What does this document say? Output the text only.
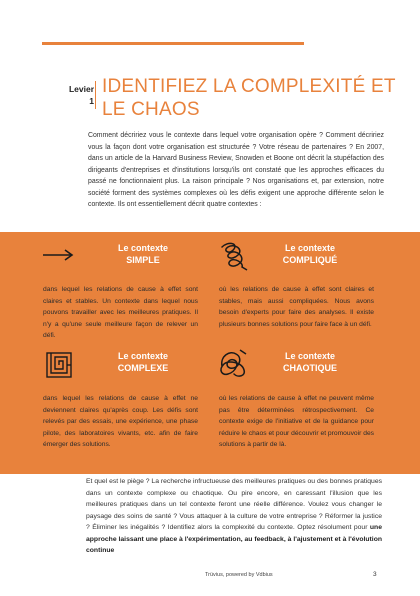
Levier
1
IDENTIFIEZ LA COMPLEXITÉ ET LE CHAOS
Comment décririez vous le contexte dans lequel votre organisation opère ? Comment décririez vous la façon dont votre organisation est structurée ? Votre réseau de partenaires ? En 2007, dans un article de la Harvard Business Review, Snowden et Boone ont décrit la stupéfaction des dirigeants d'entreprises et d'institutions lorsqu'ils ont constaté que les approches efficaces du passé ne fonctionnaient plus. La raison principale ? Nos organisations et, par extension, notre société forment des systèmes complexes où les défis exigent une approche différente selon le contexte. Ils ont essentiellement décrit quatre contextes :
Le contexte
SIMPLE
dans lequel les relations de cause à effet sont claires et stables. Un contexte dans lequel nous pouvons travailler avec les meilleures pratiques. Il n'y a qu'une seule meilleure façon de relever un défi.
Le contexte
COMPLIQUÉ
où les relations de cause à effet sont claires et stables, mais aussi compliquées. Nous avons besoin d'experts pour faire des analyses. Il existe plusieurs bonnes solutions pour faire face à un défi.
Le contexte
COMPLEXE
dans lequel les relations de cause à effet ne deviennent claires qu'après coup. Les défis sont relevés par des essais, une expérience, une phase pilote, des laboratoires vivants, etc. afin de faire émerger des solutions.
Le contexte
CHAOTIQUE
où les relations de cause à effet ne peuvent même pas être déterminées rétrospectivement. Ce contexte exige de l'initiative et de la guidance pour réduire le chaos et pour découvrir et promouvoir des solutions à partir de là.
Et quel est le piège ? La recherche infructueuse des meilleures pratiques ou des bonnes pratiques dans un contexte complexe ou chaotique. Ou pire encore, en caressant l'illusion que les meilleures pratiques dans un tel contexte feront une réelle différence. Voulez vous changer le paysage des soins de santé ? Vous attaquer à la culture de votre entreprise ? Réformer la justice ? Éliminer les inégalités ? Identifiez alors la complexité du contexte. Optez résolument pour une approche laissant une place à l'expérimentation, au feedback, à l'ajustement et à l'évolution continue
Trüvius, powered by Vdbius	3
